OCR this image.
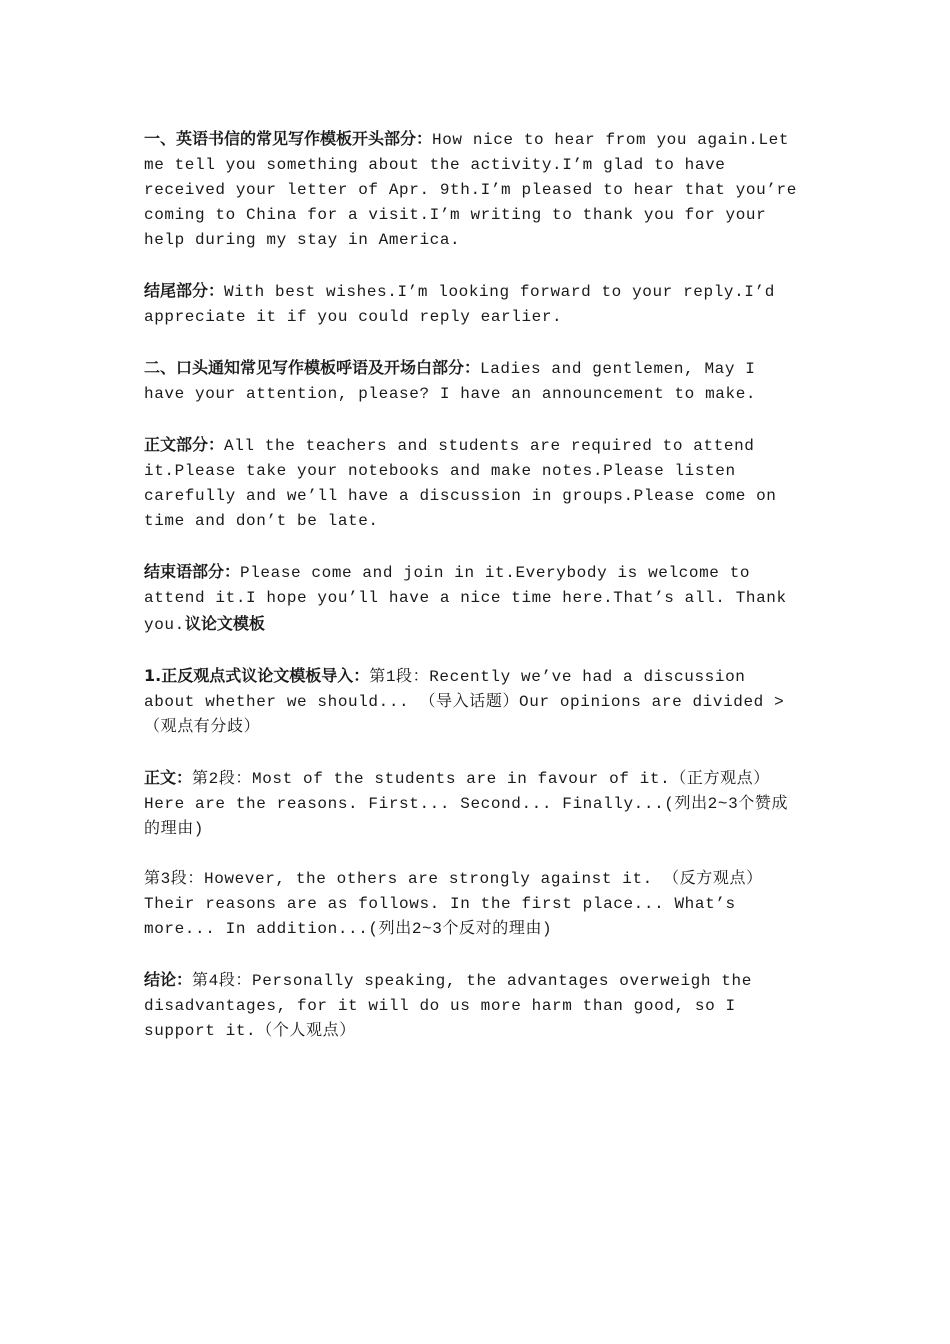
一、英语书信的常见写作模板开头部分：How nice to hear from you again.Let me tell you something about the activity.I’m glad to have received your letter of Apr. 9th.I’m pleased to hear that you’re coming to China for a visit.I’m writing to thank you for your help during my stay in America.

结尾部分：With best wishes.I’m looking forward to your reply.I’d appreciate it if you could reply earlier.

二、口头通知常见写作模板呼语及开场白部分：Ladies and gentlemen, May I have your attention, please? I have an announcement to make.

正文部分：All the teachers and students are required to attend it.Please take your notebooks and make notes.Please listen carefully and we’ll have a discussion in groups.Please come on time and don’t be late.

结束语部分：Please come and join in it.Everybody is welcome to attend it.I hope you’ll have a nice time here.That’s all. Thank you.议论文模板

1.正反观点式议论文模板导入：第1段：Recently we’ve had a discussion about whether we should... （导入话题）Our opinions are divided >（观点有分歧）

正文：第2段：Most of the students are in favour of it.（正方观点）Here are the reasons. First... Second... Finally...(列出2~3个赞成的理由)

第3段：However, the others are strongly against it. （反方观点）Their reasons are as follows. In the first place... What’s more... In addition...(列出2~3个反对的理由)

结论：第4段：Personally speaking, the advantages overweigh the disadvantages, for it will do us more harm than good, so I support it.（个人观点）
